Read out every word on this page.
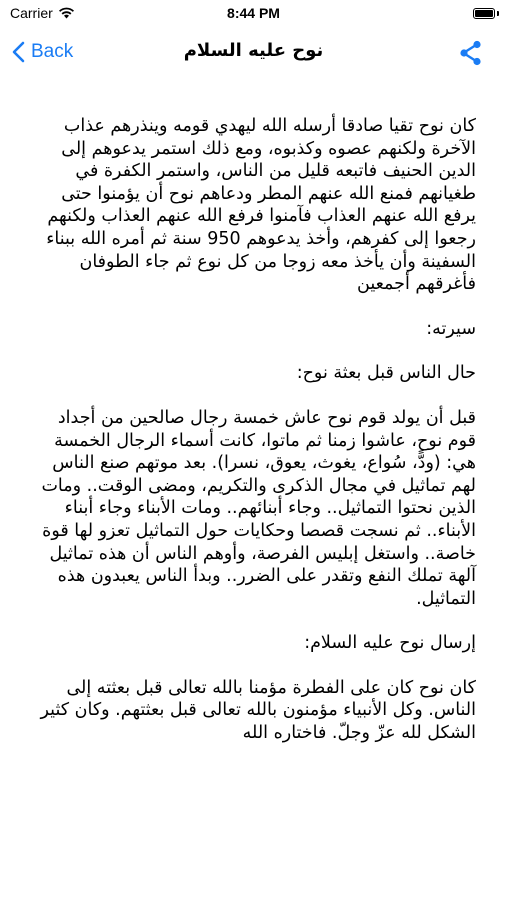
Carrier	8:44 PM
Back	نوح عليه السلام

كان نوح تقيا صادقا أرسله الله ليهدي قومه وينذرهم عذاب الآخرة ولكنهم عصوه وكذبوه، ومع ذلك استمر يدعوهم إلى الدين الحنيف فاتبعه قليل من الناس، واستمر الكفرة في طغيانهم فمنع الله عنهم المطر ودعاهم نوح أن يؤمنوا حتى يرفع الله عنهم العذاب فآمنوا فرفع الله عنهم العذاب ولكنهم رجعوا إلى كفرهم، وأخذ يدعوهم 950 سنة ثم أمره الله ببناء السفينة وأن يأخذ معه زوجا من كل نوع ثم جاء الطوفان فأغرقهم أجمعين

سيرته:

حال الناس قبل بعثة نوح:

قبل أن يولد قوم نوح عاش خمسة رجال صالحين من أجداد قوم نوح، عاشوا زمنا ثم ماتوا، كانت أسماء الرجال الخمسة هي: (ودًّ، سُواع، يغوث، يعوق، نسرا). بعد موتهم صنع الناس لهم تماثيل في مجال الذكرى والتكريم، ومضى الوقت.. ومات الذين نحتوا التماثيل.. وجاء أبنائهم.. ومات الأبناء وجاء أبناء الأبناء.. ثم نسجت قصصا وحكايات حول التماثيل تعزو لها قوة خاصة.. واستغل إبليس الفرصة، وأوهم الناس أن هذه تماثيل آلهة تملك النفع وتقدر على الضرر.. وبدأ الناس يعبدون هذه التماثيل.

إرسال نوح عليه السلام:

كان نوح كان على الفطرة مؤمنا بالله تعالى قبل بعثته إلى الناس. وكل الأنبياء مؤمنون بالله تعالى قبل بعثتهم. وكان كثير الشكل لله عزّ وجلّ. فاختاره الله
